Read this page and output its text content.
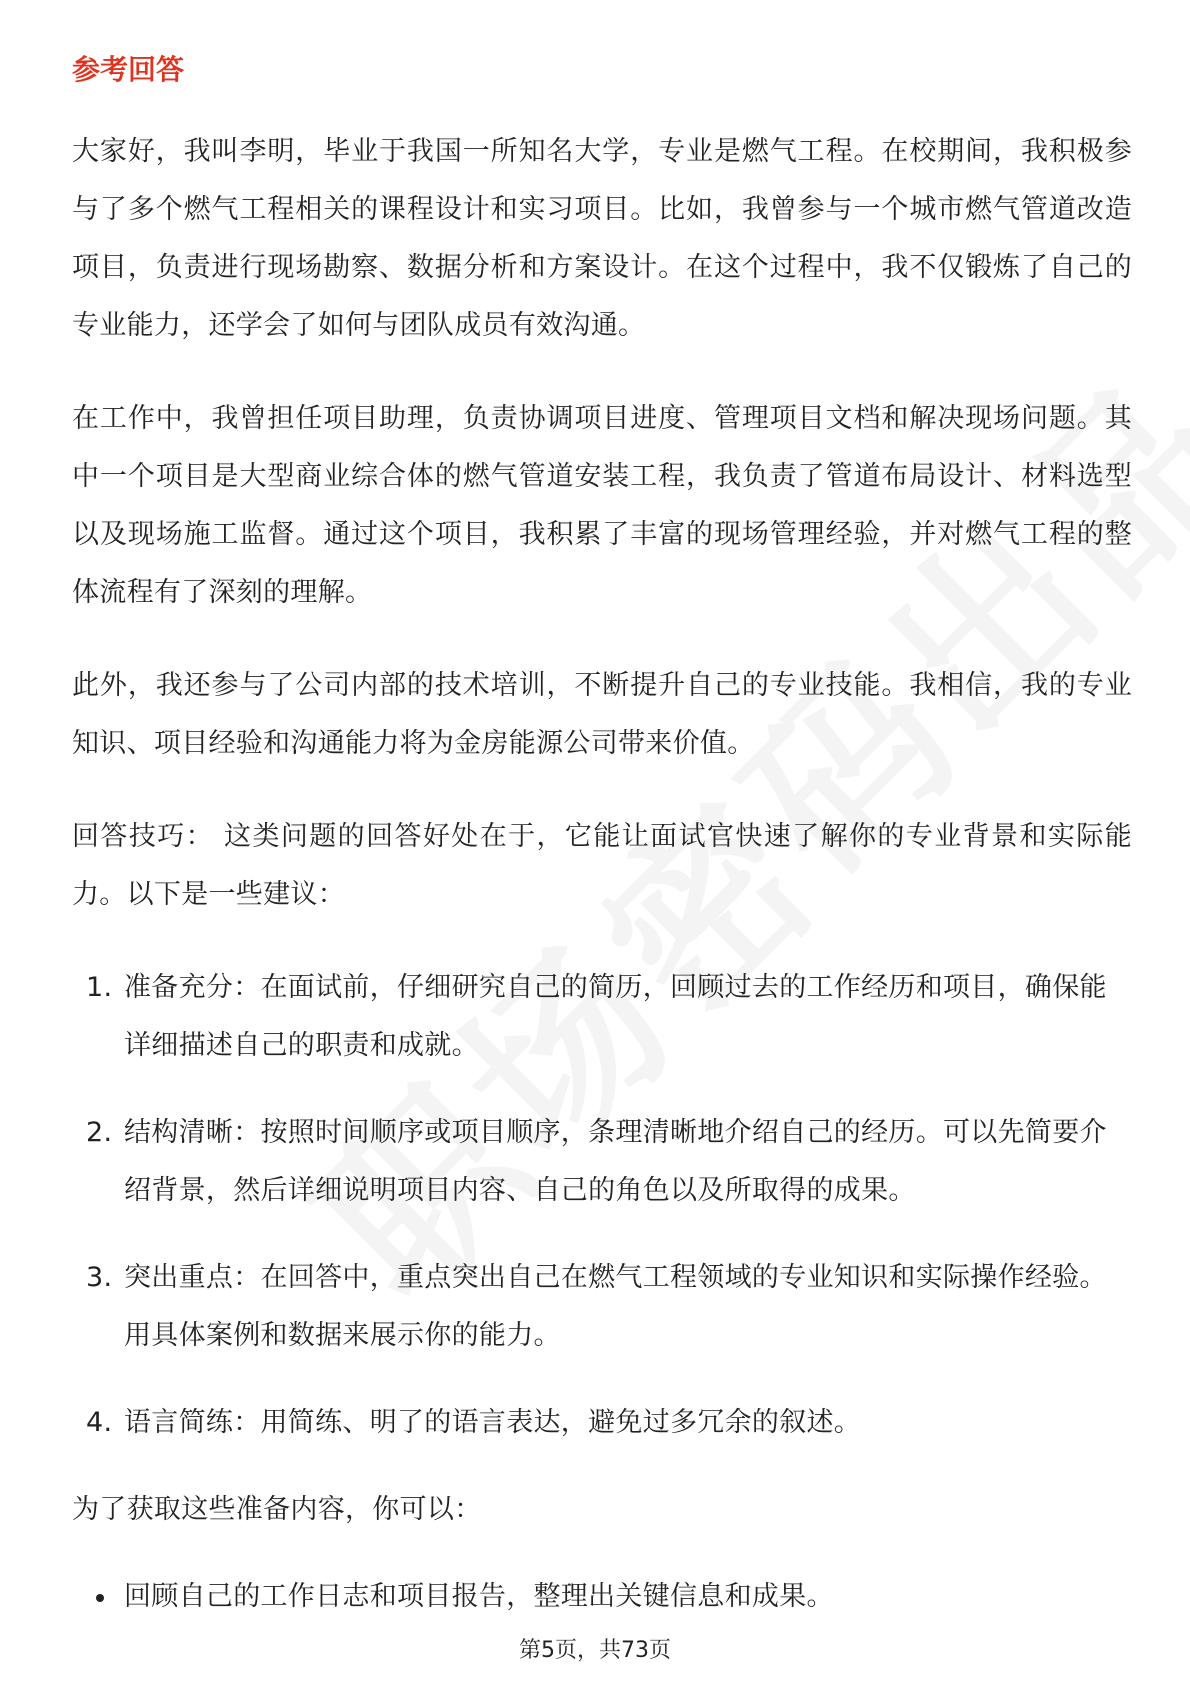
参考回答

大家好，我叫李明，毕业于我国一所知名大学，专业是燃气工程。在校期间，我积极参与了多个燃气工程相关的课程设计和实习项目。比如，我曾参与一个城市燃气管道改造项目，负责进行现场勘察、数据分析和方案设计。在这个过程中，我不仅锻炼了自己的专业能力，还学会了如何与团队成员有效沟通。

在工作中，我曾担任项目助理，负责协调项目进度、管理项目文档和解决现场问题。其中一个项目是大型商业综合体的燃气管道安装工程，我负责了管道布局设计、材料选型以及现场施工监督。通过这个项目，我积累了丰富的现场管理经验，并对燃气工程的整体流程有了深刻的理解。

此外，我还参与了公司内部的技术培训，不断提升自己的专业技能。我相信，我的专业知识、项目经验和沟通能力将为金房能源公司带来价值。

回答技巧： 这类问题的回答好处在于，它能让面试官快速了解你的专业背景和实际能力。以下是一些建议：

1. 准备充分：在面试前，仔细研究自己的简历，回顾过去的工作经历和项目，确保能详细描述自己的职责和成就。
2. 结构清晰：按照时间顺序或项目顺序，条理清晰地介绍自己的经历。可以先简要介绍背景，然后详细说明项目内容、自己的角色以及所取得的成果。
3. 突出重点：在回答中，重点突出自己在燃气工程领域的专业知识和实际操作经验。用具体案例和数据来展示你的能力。
4. 语言简练：用简练、明了的语言表达，避免过多冗余的叙述。

为了获取这些准备内容，你可以：

回顾自己的工作日志和项目报告，整理出关键信息和成果。
第5页，共73页
